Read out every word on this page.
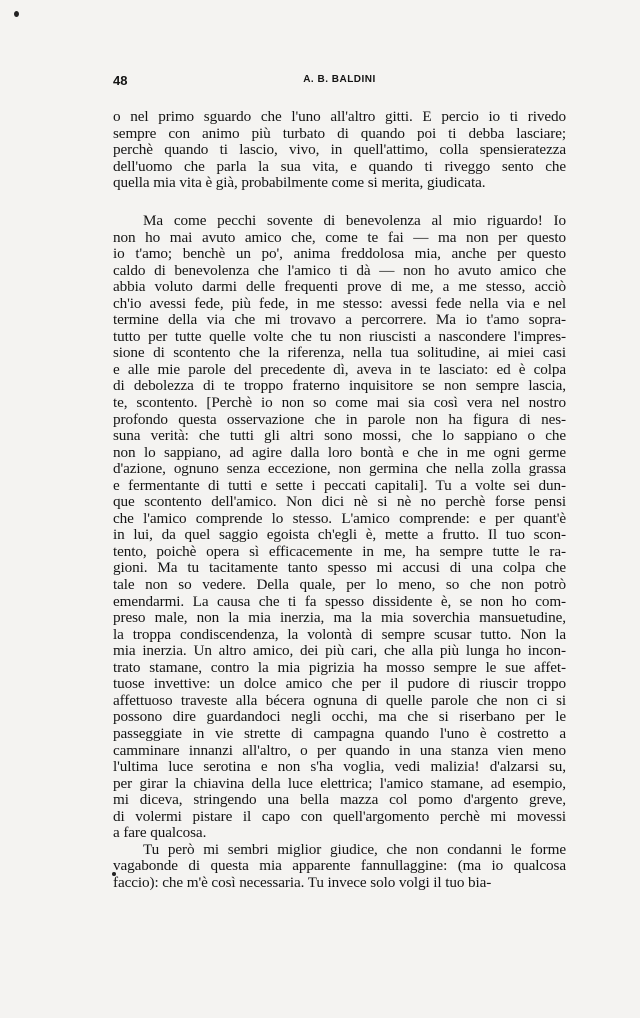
48	A. B. BALDINI
o nel primo sguardo che l'uno all'altro gitti. E percio io ti rivedo
sempre con animo più turbato di quando poi ti debba lasciare;
perchè quando ti lascio, vivo, in quell'attimo, colla spensieratezza
dell'uomo che parla la sua vita, e quando ti riveggo sento che
quella mia vita è già, probabilmente come si merita, giudicata.
Ma come pecchi sovente di benevolenza al mio riguardo! Io
non ho mai avuto amico che, come te fai — ma non per questo
io t'amo; benchè un po', anima freddolosa mia, anche per questo
caldo di benevolenza che l'amico ti dà — non ho avuto amico che
abbia voluto darmi delle frequenti prove di me, a me stesso, acciò
ch'io avessi fede, più fede, in me stesso: avessi fede nella via e nel
termine della via che mi trovavo a percorrere. Ma io t'amo sopra-
tutto per tutte quelle volte che tu non riuscisti a nascondere l'impres-
sione di scontento che la riferenza, nella tua solitudine, ai miei casi
e alle mie parole del precedente dì, aveva in te lasciato: ed è colpa
di debolezza di te troppo fraterno inquisitore se non sempre lascia,
te, scontento. [Perchè io non so come mai sia così vera nel nostro
profondo questa osservazione che in parole non ha figura di nes-
suna verità: che tutti gli altri sono mossi, che lo sappiano o che
non lo sappiano, ad agire dalla loro bontà e che in me ogni germe
d'azione, ognuno senza eccezione, non germina che nella zolla grassa
e fermentante di tutti e sette i peccati capitali]. Tu a volte sei dun-
que scontento dell'amico. Non dici nè si nè no perchè forse pensi
che l'amico comprende lo stesso. L'amico comprende: e per quant'è
in lui, da quel saggio egoista ch'egli è, mette a frutto. Il tuo scon-
tento, poichè opera sì efficacemente in me, ha sempre tutte le ra-
gioni. Ma tu tacitamente tanto spesso mi accusi di una colpa che
tale non so vedere. Della quale, per lo meno, so che non potrò
emendarmi. La causa che ti fa spesso dissidente è, se non ho com-
preso male, non la mia inerzia, ma la mia soverchia mansuetudine,
la troppa condiscendenza, la volontà di sempre scusar tutto. Non la
mia inerzia. Un altro amico, dei più cari, che alla più lunga ho incon-
trato stamane, contro la mia pigrizia ha mosso sempre le sue affet-
tuose invettive: un dolce amico che per il pudore di riuscir troppo
affettuoso traveste alla bécera ognuna di quelle parole che non ci si
possono dire guardandoci negli occhi, ma che si riserbano per le
passeggiate in vie strette di campagna quando l'uno è costretto a
camminare innanzi all'altro, o per quando in una stanza vien meno
l'ultima luce serotina e non s'ha voglia, vedi malizia! d'alzarsi su,
per girar la chiavina della luce elettrica; l'amico stamane, ad esempio,
mi diceva, stringendo una bella mazza col pomo d'argento greve,
di volermi pistare il capo con quell'argomento perchè mi movessi
a fare qualcosa.
Tu però mi sembri miglior giudice, che non condanni le forme
vagabonde di questa mia apparente fannullaggine: (ma io qualcosa
faccio): che m'è così necessaria. Tu invece solo volgi il tuo bia-
